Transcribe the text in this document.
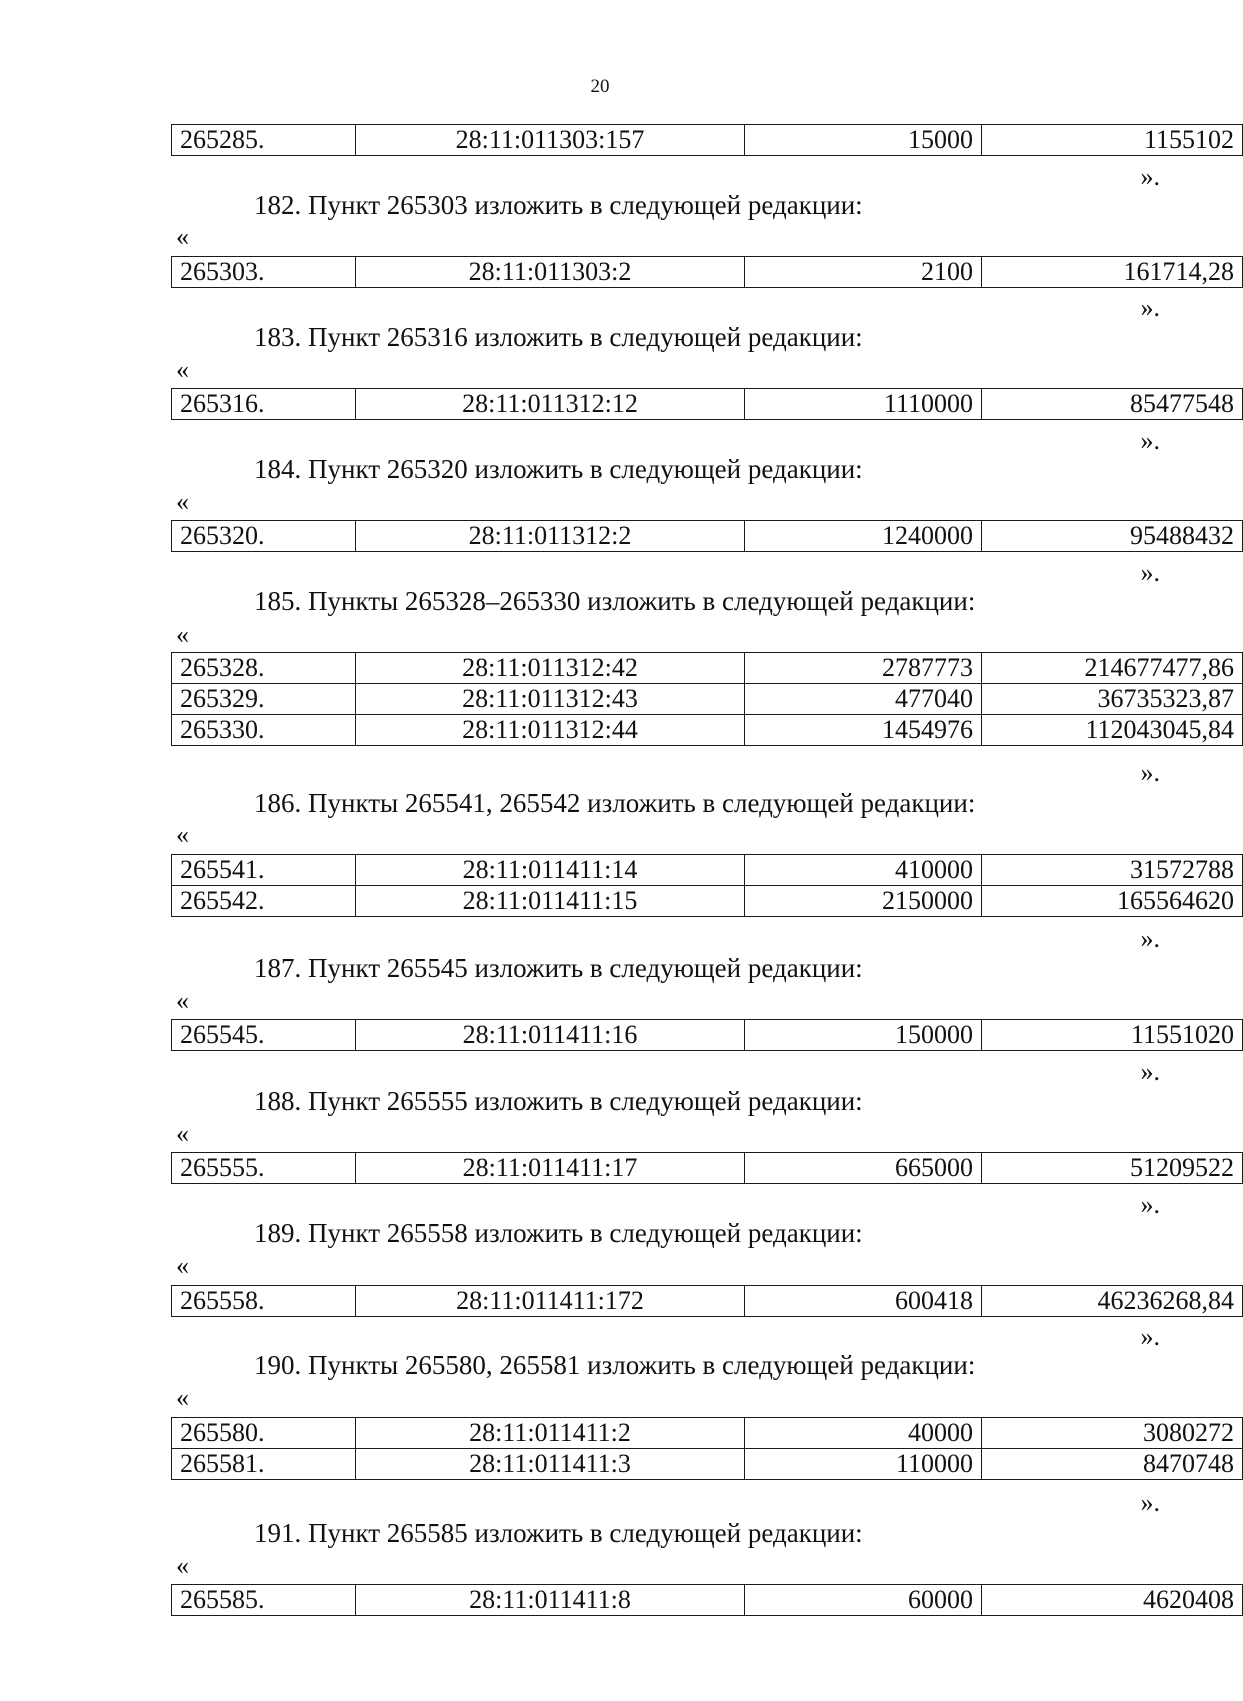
20
265285.	28:11:011303:157	15000	1155102
».
182. Пункт 265303 изложить в следующей редакции:
«
265303.	28:11:011303:2	2100	161714,28
».
183. Пункт 265316 изложить в следующей редакции:
«
265316.	28:11:011312:12	1110000	85477548
».
184. Пункт 265320 изложить в следующей редакции:
«
265320.	28:11:011312:2	1240000	95488432
».
185. Пункты 265328–265330 изложить в следующей редакции:
«
265328.	28:11:011312:42	2787773	214677477,86
265329.	28:11:011312:43	477040	36735323,87
265330.	28:11:011312:44	1454976	112043045,84
».
186. Пункты 265541, 265542 изложить в следующей редакции:
«
265541.	28:11:011411:14	410000	31572788
265542.	28:11:011411:15	2150000	165564620
».
187. Пункт 265545 изложить в следующей редакции:
«
265545.	28:11:011411:16	150000	11551020
».
188. Пункт 265555 изложить в следующей редакции:
«
265555.	28:11:011411:17	665000	51209522
».
189. Пункт 265558 изложить в следующей редакции:
«
265558.	28:11:011411:172	600418	46236268,84
».
190. Пункты 265580, 265581 изложить в следующей редакции:
«
265580.	28:11:011411:2	40000	3080272
265581.	28:11:011411:3	110000	8470748
».
191. Пункт 265585 изложить в следующей редакции:
«
265585.	28:11:011411:8	60000	4620408
